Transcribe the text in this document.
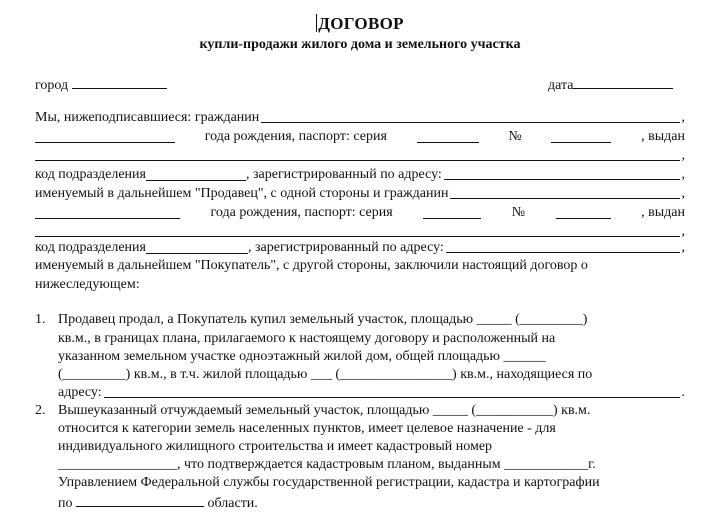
ДОГОВОР
купли-продажи жилого дома и земельного участка
город	дата
Мы, нижеподписавшиеся: гражданин	,
года рождения, паспорт: серия	№	, выдан
,
код подразделения	, зарегистрированный по адресу:	,
именуемый в дальнейшем "Продавец", с одной стороны и гражданин	,
года рождения, паспорт: серия	№	, выдан
,
код подразделения	, зарегистрированный по адресу:	,
именуемый в дальнейшем "Покупатель", с другой стороны, заключили настоящий договор о
нижеследующем:
1. Продавец продал, а Покупатель купил земельный участок, площадью _____ (_________)
кв.м., в границах плана, прилагаемого к настоящему договору и расположенный на
указанном земельном участке одноэтажный жилой дом, общей площадью ______
(_________) кв.м., в т.ч. жилой площадью ___ (________________) кв.м., находящиеся по
адресу:	.
2. Вышеуказанный отчуждаемый земельный участок, площадью _____ (___________) кв.м.
относится к категории земель населенных пунктов, имеет целевое назначение - для
индивидуального жилищного строительства и имеет кадастровый номер
_________________, что подтверждается кадастровым планом, выданным ____________г.
Управлением Федеральной службы государственной регистрации, кадастра и картографии
по	области.
